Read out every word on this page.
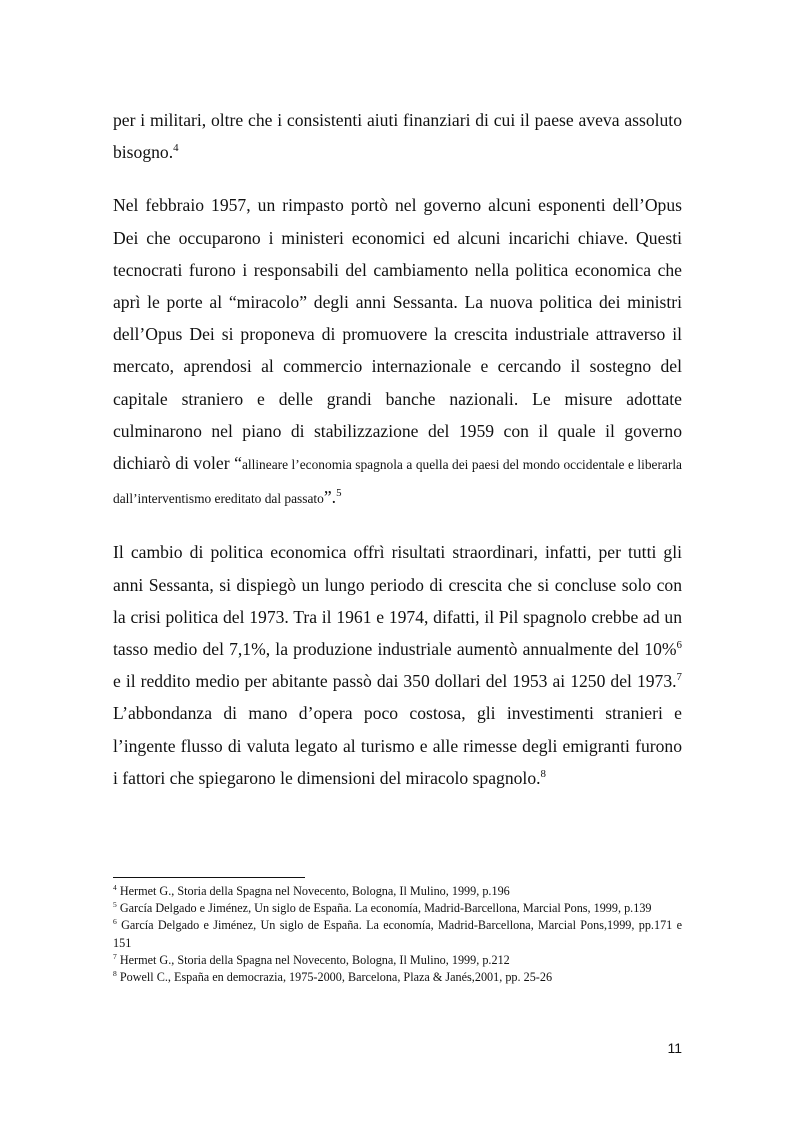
per i militari, oltre che i consistenti aiuti finanziari di cui il paese aveva assoluto bisogno.$^4$

Nel febbraio 1957, un rimpasto portò nel governo alcuni esponenti dell’Opus Dei che occuparono i ministeri economici ed alcuni incarichi chiave. Questi tecnocrati furono i responsabili del cambiamento nella politica economica che aprì le porte al “miracolo” degli anni Sessanta. La nuova politica dei ministri dell’Opus Dei si proponeva di promuovere la crescita industriale attraverso il mercato, aprendosi al commercio internazionale e cercando il sostegno del capitale straniero e delle grandi banche nazionali. Le misure adottate culminarono nel piano di stabilizzazione del 1959 con il quale il governo dichiarò di voler “allineare l’economia spagnola a quella dei paesi del mondo occidentale e liberarla dall’interventismo ereditato dal passato”.$^5$

Il cambio di politica economica offrì risultati straordinari, infatti, per tutti gli anni Sessanta, si dispiegò un lungo periodo di crescita che si concluse solo con la crisi politica del 1973. Tra il 1961 e 1974, difatti, il Pil spagnolo crebbe ad un tasso medio del 7,1%, la produzione industriale aumentò annualmente del 10%$^6$ e il reddito medio per abitante passò dai 350 dollari del 1953 ai 1250 del 1973.$^7$ L’abbondanza di mano d’opera poco costosa, gli investimenti stranieri e l’ingente flusso di valuta legato al turismo e alle rimesse degli emigranti furono i fattori che spiegarono le dimensioni del miracolo spagnolo.$^8$

$^4$ Hermet G., Storia della Spagna nel Novecento, Bologna, Il Mulino, 1999, p.196

$^5$ García Delgado e Jiménez, Un siglo de España. La economía, Madrid-Barcellona, Marcial Pons, 1999, p.139

$^6$ García Delgado e Jiménez, Un siglo de España. La economía, Madrid-Barcellona, Marcial Pons,1999, pp.171 e 151

$^7$ Hermet G., Storia della Spagna nel Novecento, Bologna, Il Mulino, 1999, p.212

$^8$ Powell C., España en democrazia, 1975-2000, Barcelona, Plaza & Janés,2001, pp. 25-26

11
